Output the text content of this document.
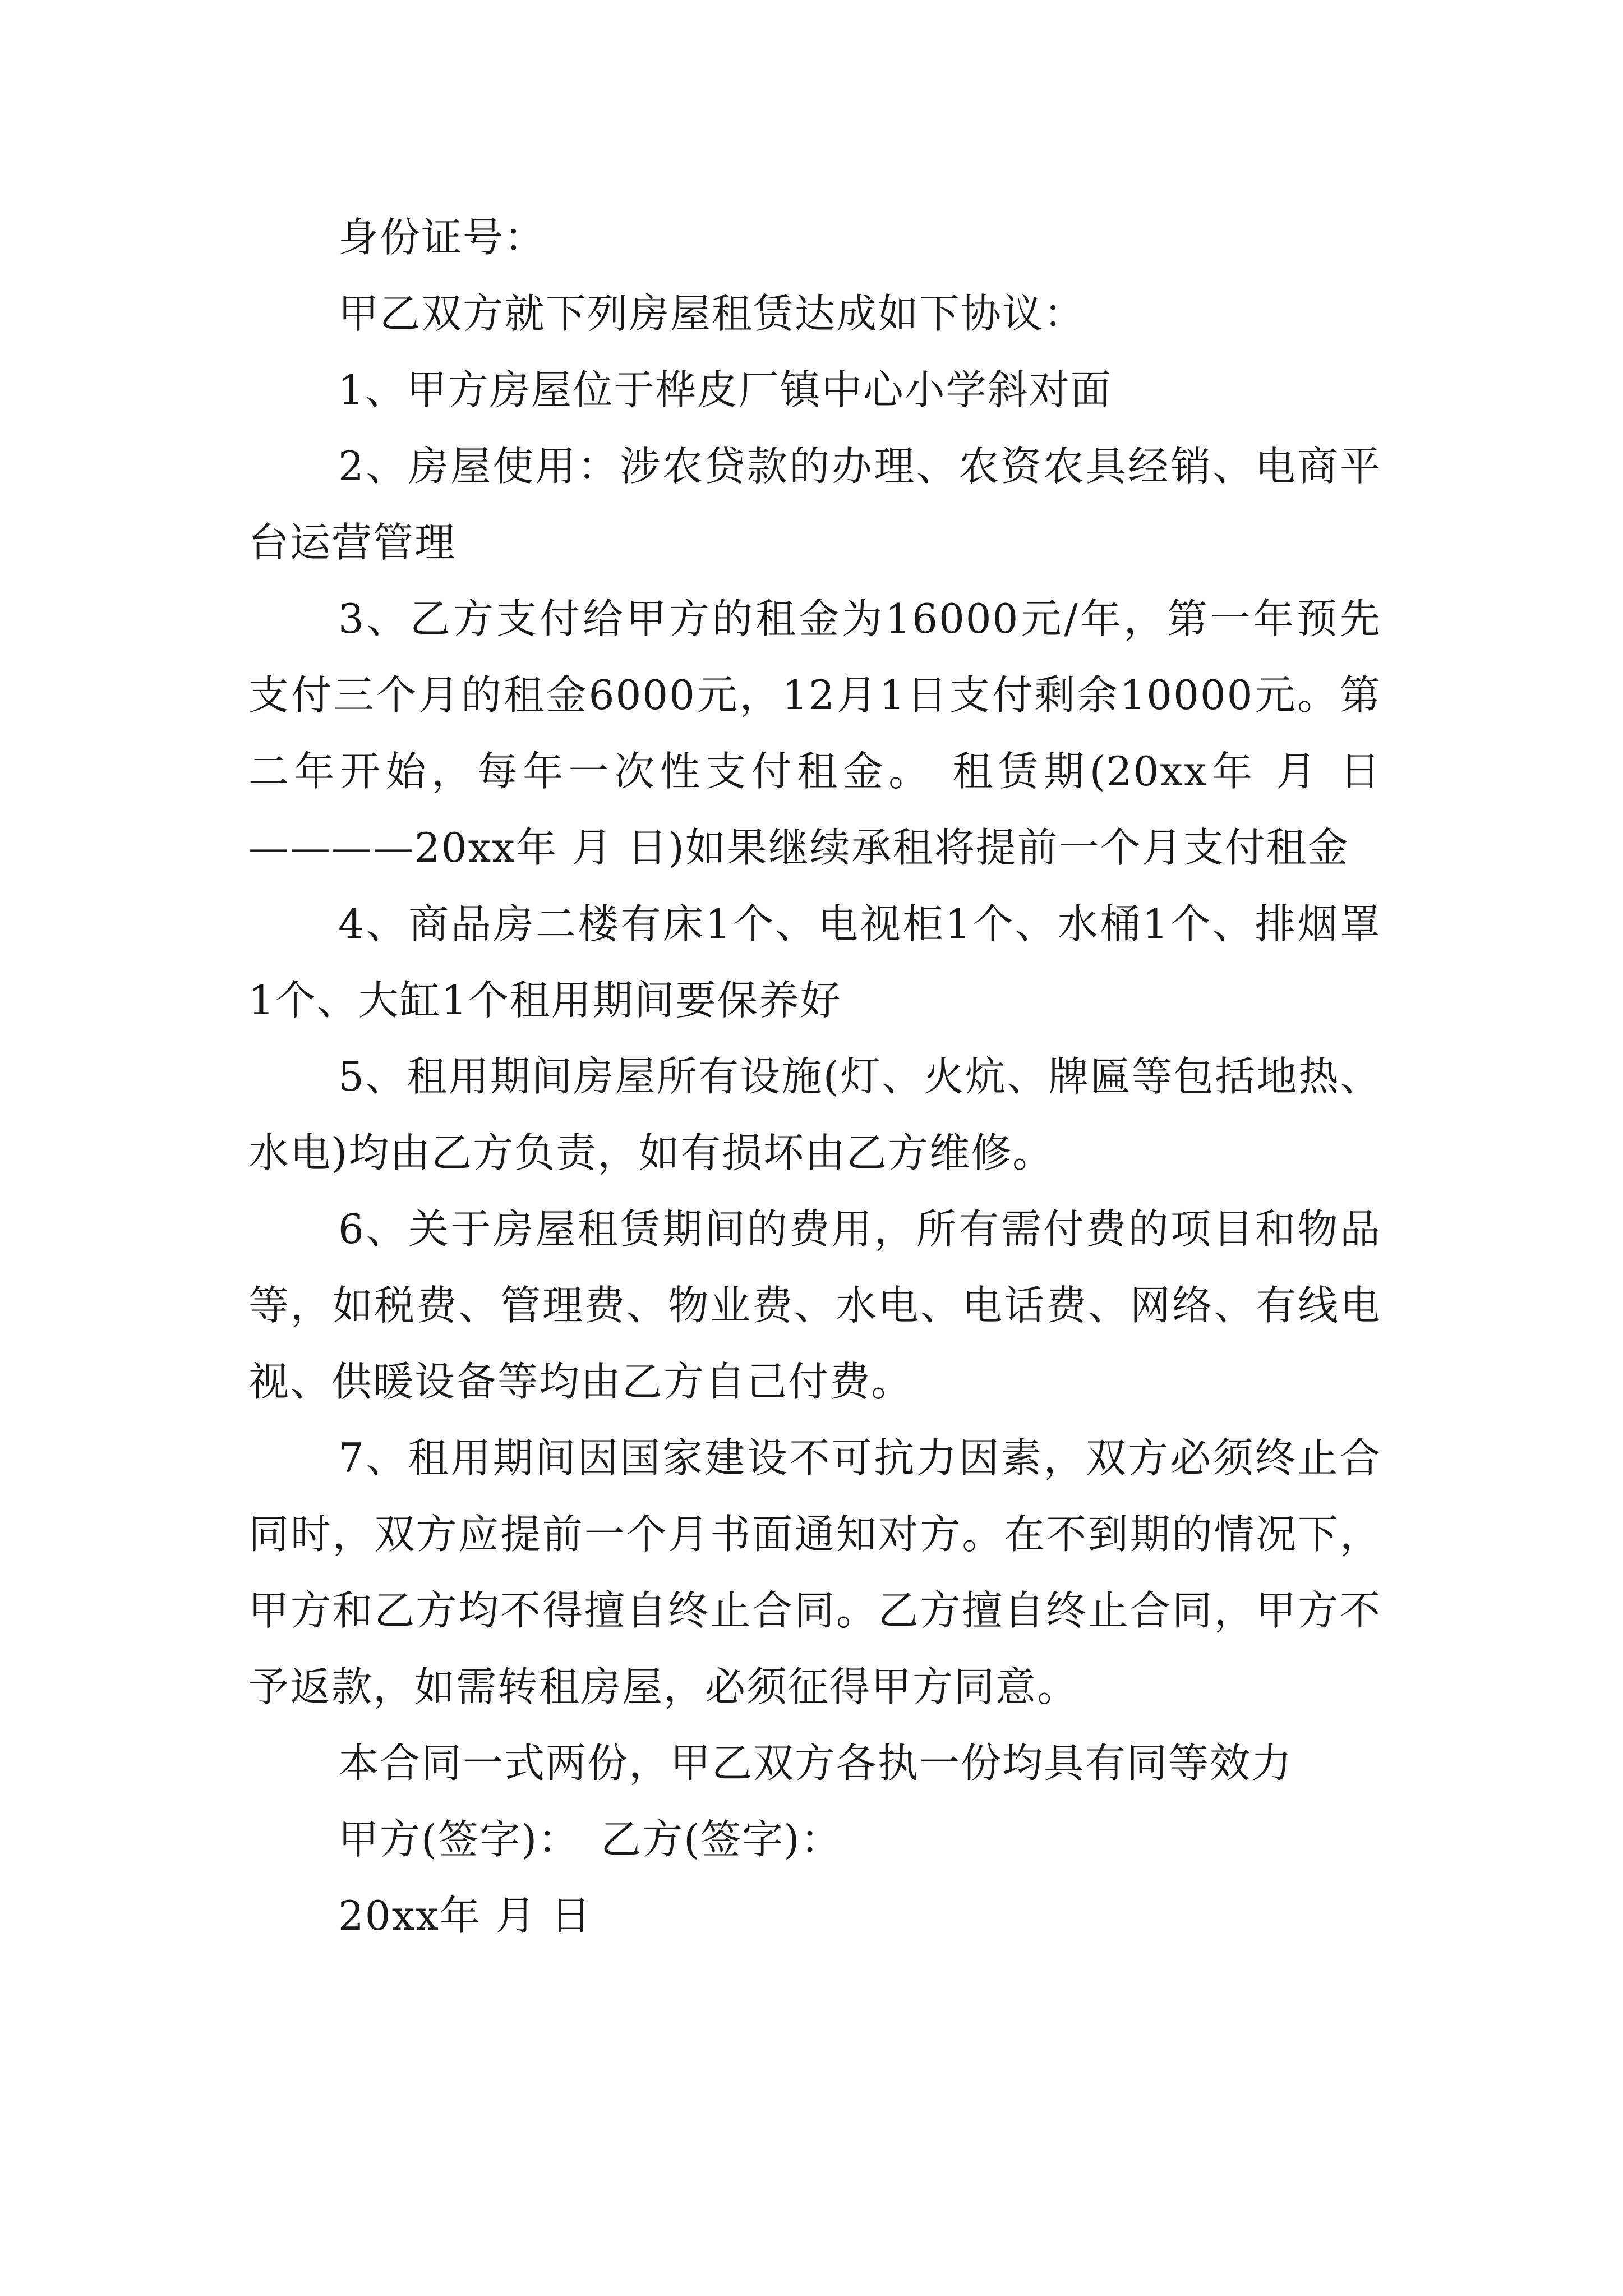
身份证号：

甲乙双方就下列房屋租赁达成如下协议：

1、甲方房屋位于桦皮厂镇中心小学斜对面

2、房屋使用：涉农贷款的办理、农资农具经销、电商平台运营管理

3、乙方支付给甲方的租金为16000元/年，第一年预先支付三个月的租金6000元，12月1日支付剩余10000元。第二年开始，每年一次性支付租金。 租赁期(20xx年 月 日————20xx年 月 日)如果继续承租将提前一个月支付租金

4、商品房二楼有床1个、电视柜1个、水桶1个、排烟罩1个、大缸1个租用期间要保养好

5、租用期间房屋所有设施(灯、火炕、牌匾等包括地热、水电)均由乙方负责，如有损坏由乙方维修。

6、关于房屋租赁期间的费用，所有需付费的项目和物品等，如税费、管理费、物业费、水电、电话费、网络、有线电视、供暖设备等均由乙方自己付费。

7、租用期间因国家建设不可抗力因素，双方必须终止合同时，双方应提前一个月书面通知对方。在不到期的情况下，甲方和乙方均不得擅自终止合同。乙方擅自终止合同，甲方不予返款，如需转租房屋，必须征得甲方同意。

本合同一式两份，甲乙双方各执一份均具有同等效力

甲方(签字)：　乙方(签字)：

20xx年 月 日
